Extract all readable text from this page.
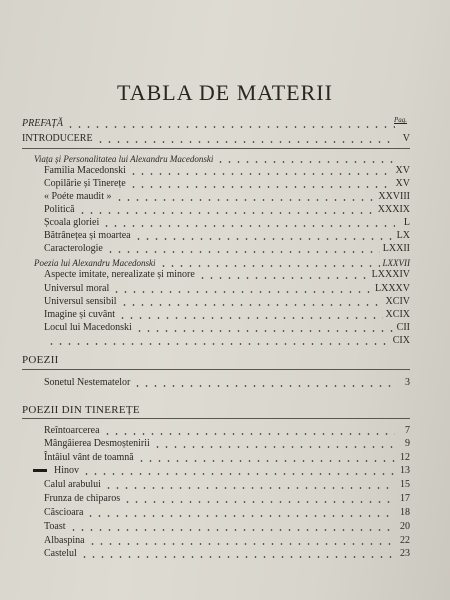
TABLA DE MATERII
Pag.
PREFAȚĂ
INTRODUCERE	V
Viața și Personalitatea lui Alexandru Macedonski
Familia Macedonski	XV
Copilărie și Tinerețe	XV
« Poéte maudit »	XXVIII
Politică	XXXIX
Școala gloriei	L
Bătrânețea și moartea	LX
Caracterologie	LXXII
Poezia lui Alexandru Macedonski	LXXVII
Aspecte imitate, nerealizate și minore	LXXXIV
Universul moral	LXXXV
Universul sensibil	XCIV
Imagine și cuvânt	XCIX
Locul lui Macedonski	CII
CIX
POEZII
Sonetul Nestematelor	3
POEZII DIN TINEREȚE
Reîntoarcerea	7
Mângâierea Desmoștenirii	9
Întâiul vânt de toamnă	12
Hinov	13
Calul arabului	15
Frunza de chiparos	17
Căscioara	18
Toast	20
Albaspina	22
Castelul	23
